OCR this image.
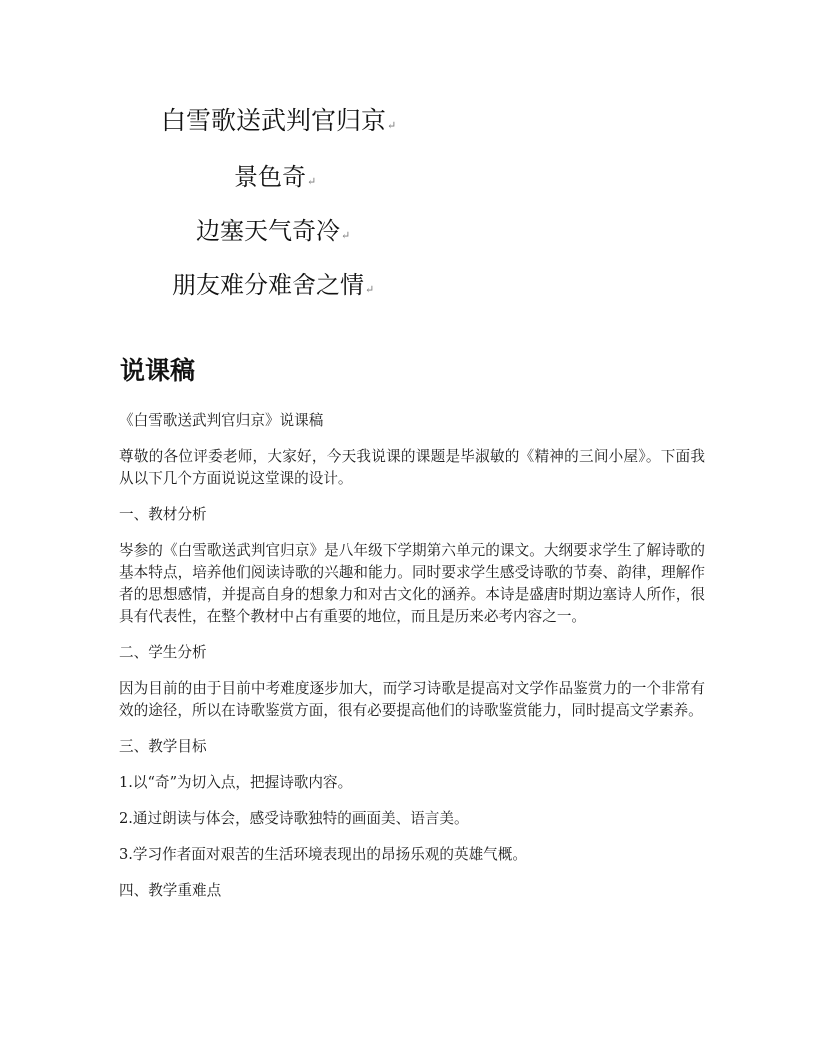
白雪歌送武判官归京↵
景色奇↵
边塞天气奇冷↵
朋友难分难舍之情↵
说课稿

《白雪歌送武判官归京》说课稿

尊敬的各位评委老师，大家好，今天我说课的课题是毕淑敏的《精神的三间小屋》。下面我从以下几个方面说说这堂课的设计。

一、教材分析

岑参的《白雪歌送武判官归京》是八年级下学期第六单元的课文。大纲要求学生了解诗歌的基本特点，培养他们阅读诗歌的兴趣和能力。同时要求学生感受诗歌的节奏、韵律，理解作者的思想感情，并提高自身的想象力和对古文化的涵养。本诗是盛唐时期边塞诗人所作，很具有代表性，在整个教材中占有重要的地位，而且是历来必考内容之一。

二、学生分析

因为目前的由于目前中考难度逐步加大，而学习诗歌是提高对文学作品鉴赏力的一个非常有效的途径，所以在诗歌鉴赏方面，很有必要提高他们的诗歌鉴赏能力，同时提高文学素养。

三、教学目标

1.以“奇”为切入点，把握诗歌内容。

2.通过朗读与体会，感受诗歌独特的画面美、语言美。

3.学习作者面对艰苦的生活环境表现出的昂扬乐观的英雄气概。

四、教学重难点
